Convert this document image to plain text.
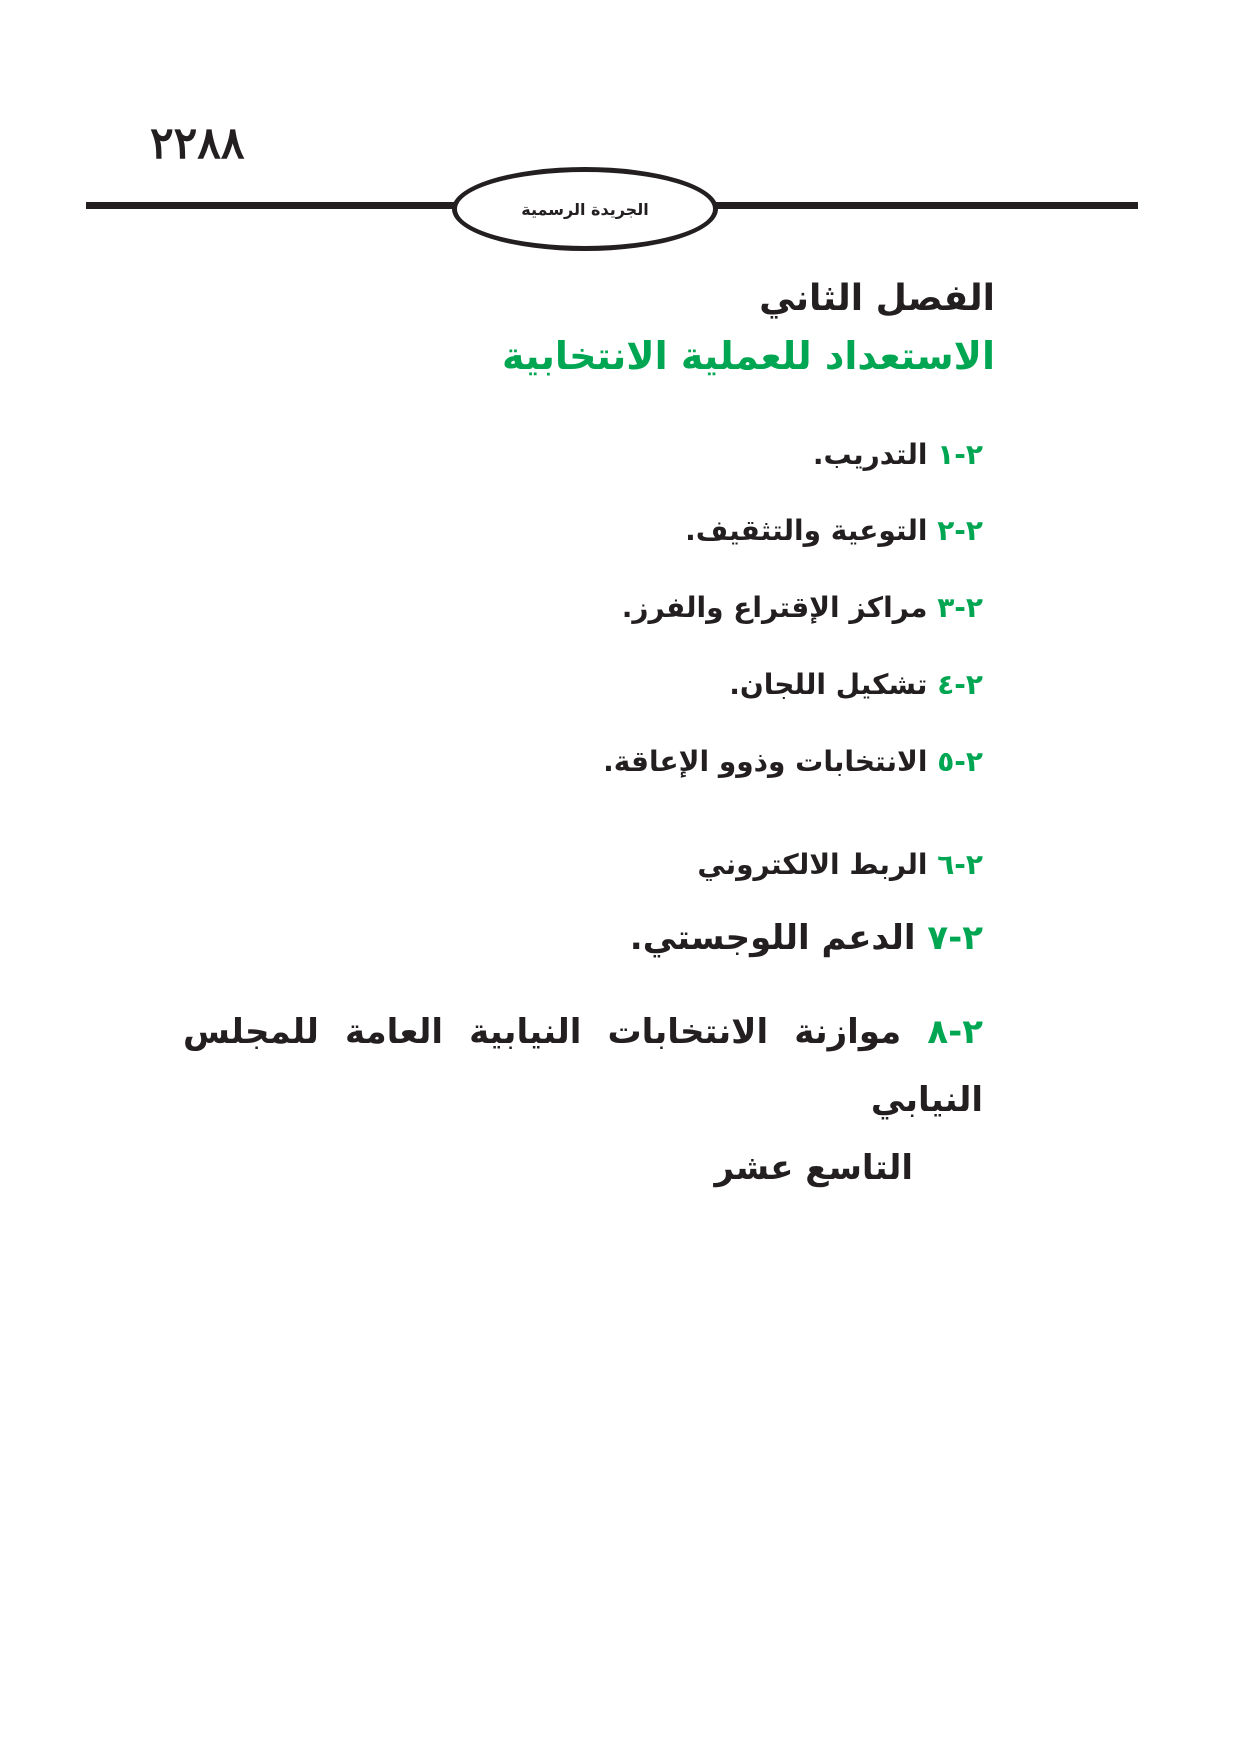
٢٢٨٨
الجريدة الرسمية
الفصل الثاني
الاستعداد للعملية الانتخابية
٢-١ التدريب.
٢-٢ التوعية والتثقيف.
٢-٣ مراكز الإقتراع والفرز.
٢-٤ تشكيل اللجان.
٢-٥ الانتخابات وذوو الإعاقة.
٢-٦ الربط الالكتروني
٢-٧ الدعم اللوجستي.
٢-٨ موازنة الانتخابات النيابية العامة للمجلس النيابي
التاسع عشر
